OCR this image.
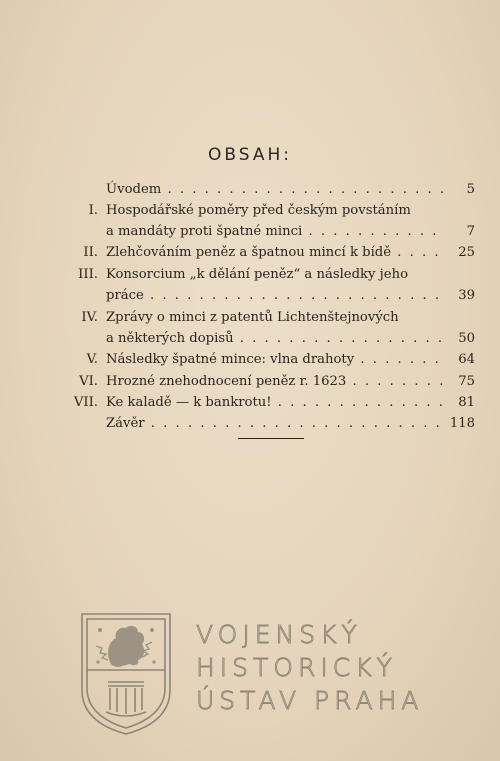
OBSAH:
Úvodem . . .	5
I. Hospodářské poměry před českým povstáním
a mandáty proti špatné minci . . .	7
II. Zlehčováním peněz a špatnou mincí k bídě . . .	25
III. Konsorcium „k dělání peněz“ a následky jeho
práce . . .	39
IV. Zprávy o minci z patentů Lichtenštejnových
a některých dopisů . . .	50
V. Následky špatné mince: vlna drahoty . . .	64
VI. Hrozné znehodnocení peněz r. 1623 . . .	75
VII. Ke kaladě — k bankrotu! . . .	81
Závěr . . .	118
VOJENSKÝ
HISTORICKÝ
ÚSTAV PRAHA
